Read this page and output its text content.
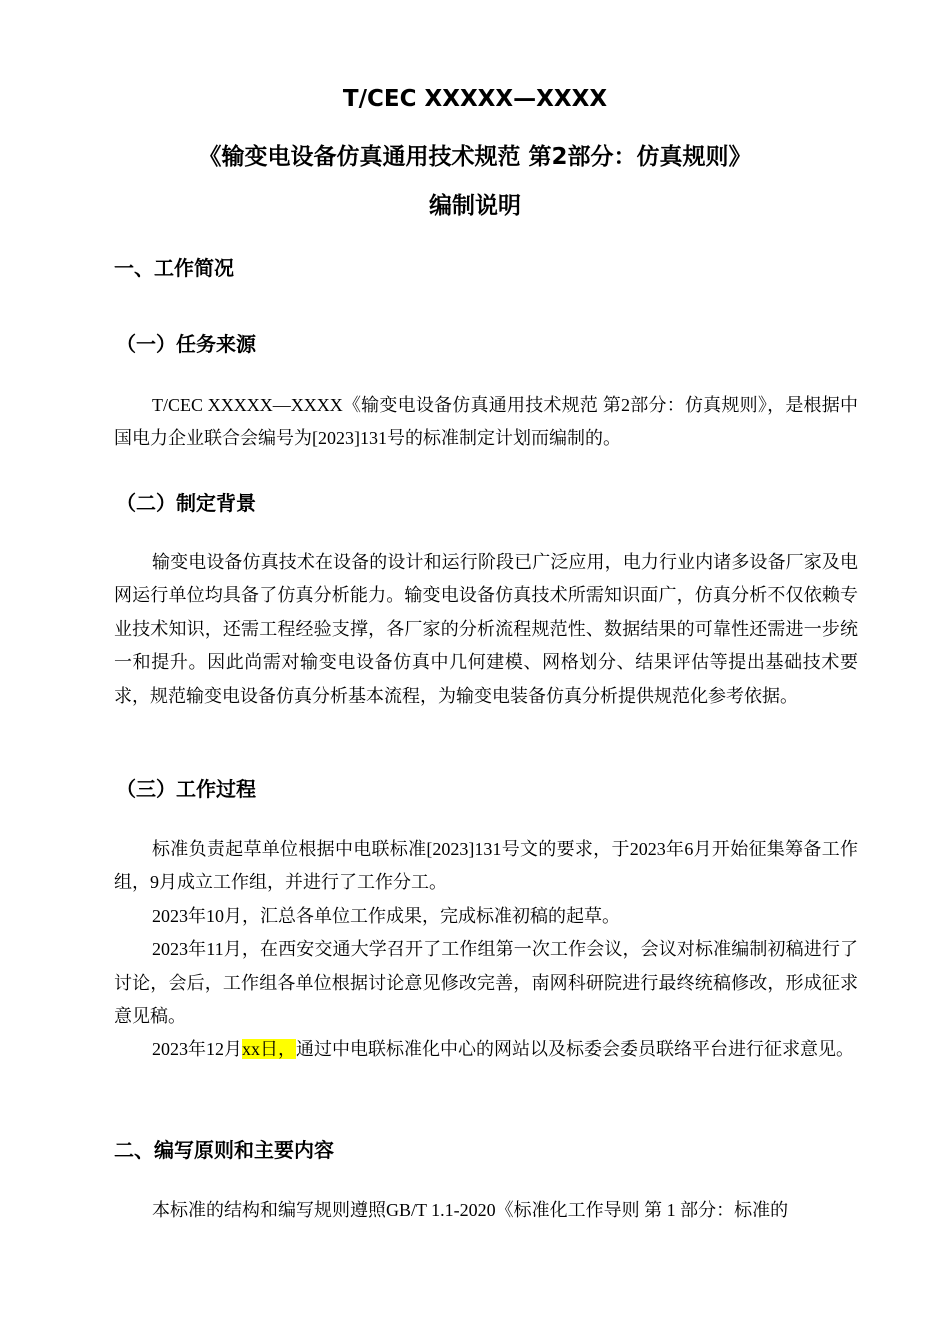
T/CEC XXXXX—XXXX
《输变电设备仿真通用技术规范 第2部分：仿真规则》
编制说明
一、工作简况
（一）任务来源

T/CEC XXXXX—XXXX《输变电设备仿真通用技术规范 第2部分：仿真规则》，是根据中国电力企业联合会编号为[2023]131号的标准制定计划而编制的。

（二）制定背景

输变电设备仿真技术在设备的设计和运行阶段已广泛应用，电力行业内诸多设备厂家及电网运行单位均具备了仿真分析能力。输变电设备仿真技术所需知识面广，仿真分析不仅依赖专业技术知识，还需工程经验支撑，各厂家的分析流程规范性、数据结果的可靠性还需进一步统一和提升。因此尚需对输变电设备仿真中几何建模、网格划分、结果评估等提出基础技术要求，规范输变电设备仿真分析基本流程，为输变电装备仿真分析提供规范化参考依据。

（三）工作过程

标准负责起草单位根据中电联标准[2023]131号文的要求，于2023年6月开始征集筹备工作组，9月成立工作组，并进行了工作分工。

2023年10月，汇总各单位工作成果，完成标准初稿的起草。

2023年11月，在西安交通大学召开了工作组第一次工作会议，会议对标准编制初稿进行了讨论，会后，工作组各单位根据讨论意见修改完善，南网科研院进行最终统稿修改，形成征求意见稿。

2023年12月xx日，通过中电联标准化中心的网站以及标委会委员联络平台进行征求意见。

二、编写原则和主要内容

本标准的结构和编写规则遵照GB/T 1.1-2020《标准化工作导则 第 1 部分：标准的
